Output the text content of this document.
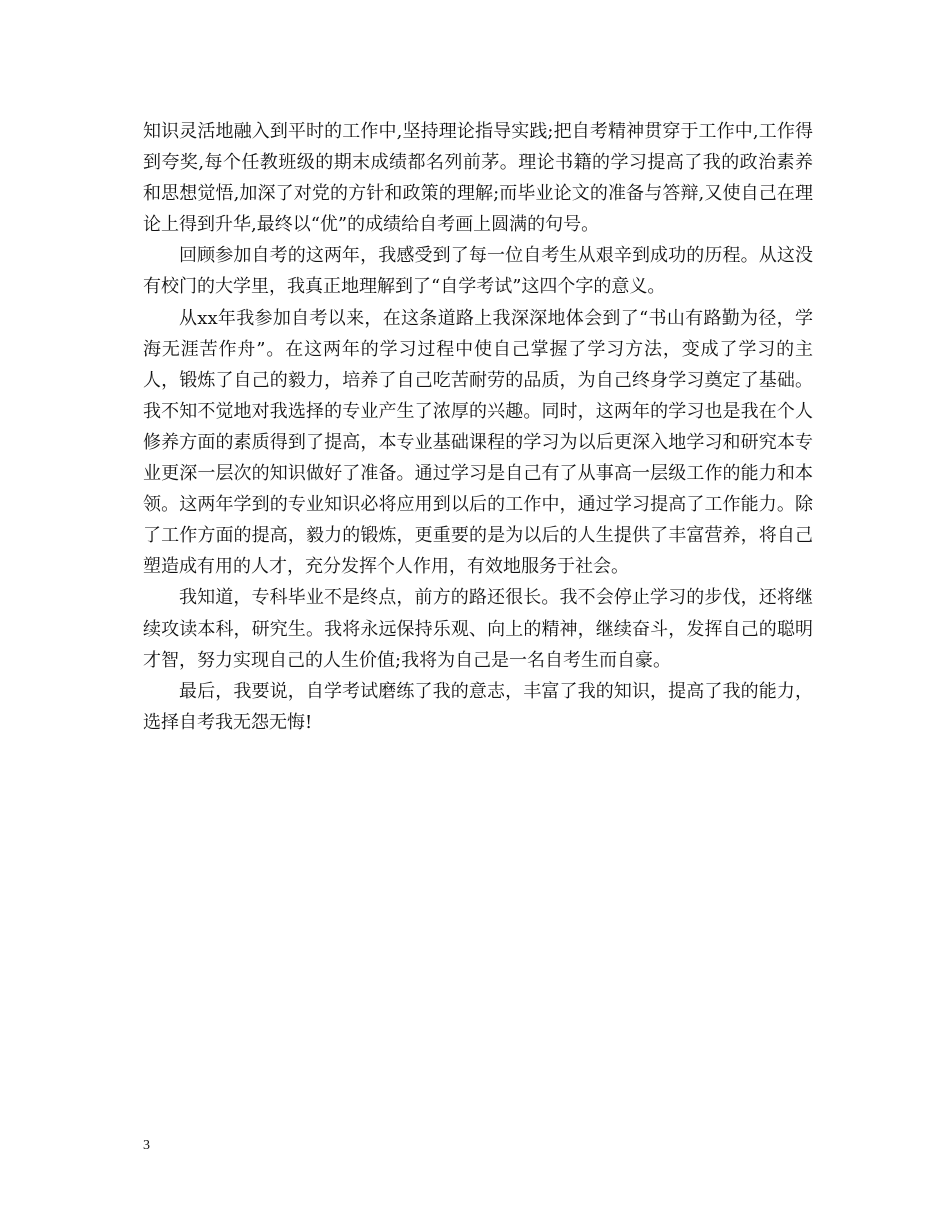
知识灵活地融入到平时的工作中,坚持理论指导实践;把自考精神贯穿于工作中,工作得到夸奖,每个任教班级的期末成绩都名列前茅。理论书籍的学习提高了我的政治素养和思想觉悟,加深了对党的方针和政策的理解;而毕业论文的准备与答辩,又使自己在理论上得到升华,最终以“优”的成绩给自考画上圆满的句号。

回顾参加自考的这两年，我感受到了每一位自考生从艰辛到成功的历程。从这没有校门的大学里，我真正地理解到了“自学考试”这四个字的意义。

从xx年我参加自考以来，在这条道路上我深深地体会到了“书山有路勤为径，学海无涯苦作舟”。在这两年的学习过程中使自己掌握了学习方法，变成了学习的主人，锻炼了自己的毅力，培养了自己吃苦耐劳的品质，为自己终身学习奠定了基础。我不知不觉地对我选择的专业产生了浓厚的兴趣。同时，这两年的学习也是我在个人修养方面的素质得到了提高，本专业基础课程的学习为以后更深入地学习和研究本专业更深一层次的知识做好了准备。通过学习是自己有了从事高一层级工作的能力和本领。这两年学到的专业知识必将应用到以后的工作中，通过学习提高了工作能力。除了工作方面的提高，毅力的锻炼，更重要的是为以后的人生提供了丰富营养，将自己塑造成有用的人才，充分发挥个人作用，有效地服务于社会。

我知道，专科毕业不是终点，前方的路还很长。我不会停止学习的步伐，还将继续攻读本科，研究生。我将永远保持乐观、向上的精神，继续奋斗，发挥自己的聪明才智，努力实现自己的人生价值;我将为自己是一名自考生而自豪。

最后，我要说，自学考试磨练了我的意志，丰富了我的知识，提高了我的能力，选择自考我无怨无悔!

3
